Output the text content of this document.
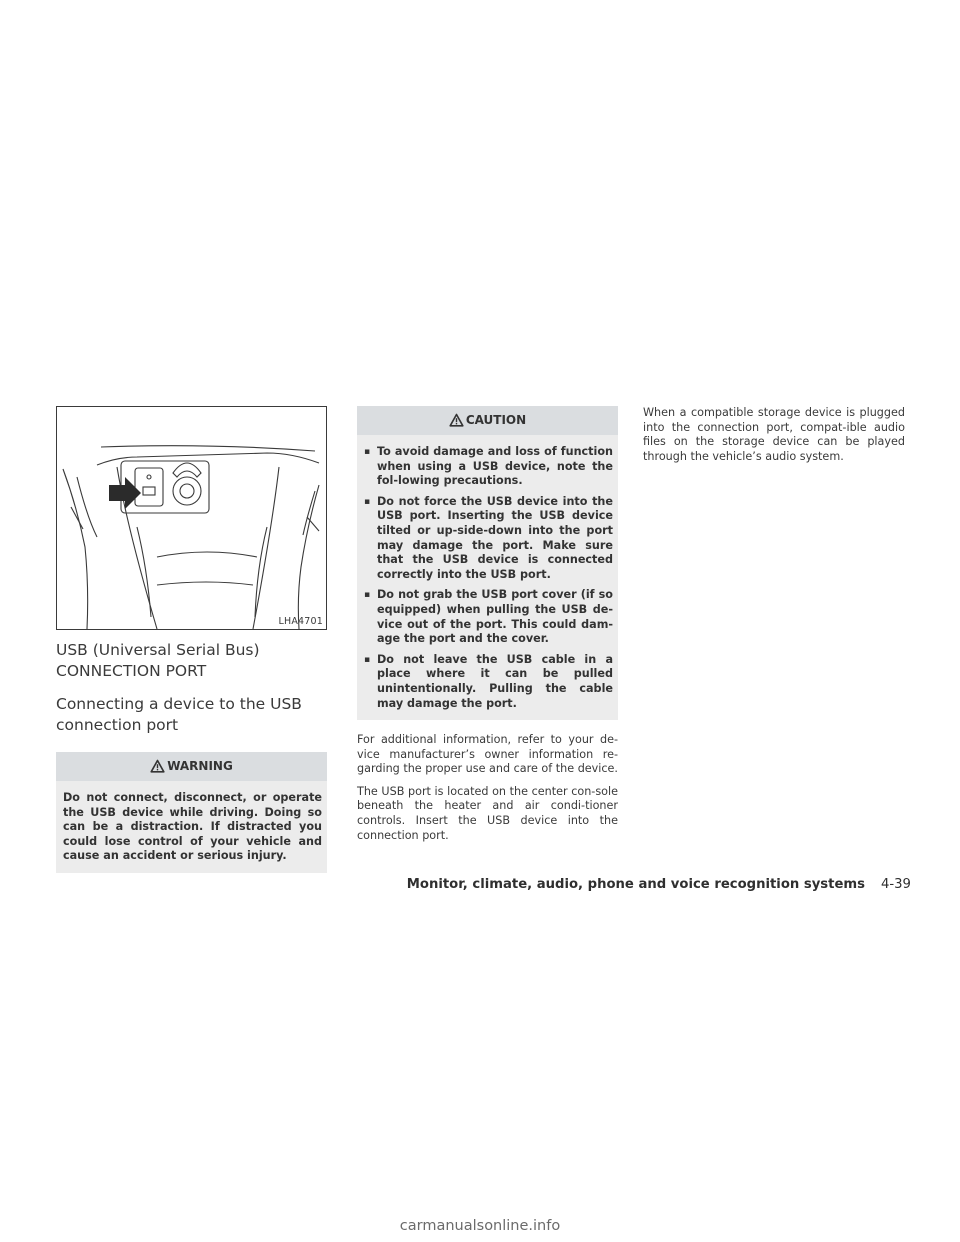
LHA4701
USB (Universal Serial Bus)
CONNECTION PORT
Connecting a device to the USB
connection port
WARNING
Do not connect, disconnect, or operate the USB device while driving. Doing so can be a distraction. If distracted you could lose control of your vehicle and cause an accident or serious injury.
CAUTION
▪ To avoid damage and loss of function when using a USB device, note the fol-lowing precautions.
▪ Do not force the USB device into the USB port. Inserting the USB device tilted or up-side-down into the port may damage the port. Make sure that the USB device is connected correctly into the USB port.
▪ Do not grab the USB port cover (if so equipped) when pulling the USB de-vice out of the port. This could dam-age the port and the cover.
▪ Do not leave the USB cable in a place where it can be pulled unintentionally. Pulling the cable may damage the port.

For additional information, refer to your de-vice manufacturer’s owner information re-garding the proper use and care of the device.

The USB port is located on the center con-sole beneath the heater and air condi-tioner controls. Insert the USB device into the connection port.

When a compatible storage device is plugged into the connection port, compat-ible audio files on the storage device can be played through the vehicle’s audio system.

Monitor, climate, audio, phone and voice recognition systems 4-39
carmanualsonline.info
